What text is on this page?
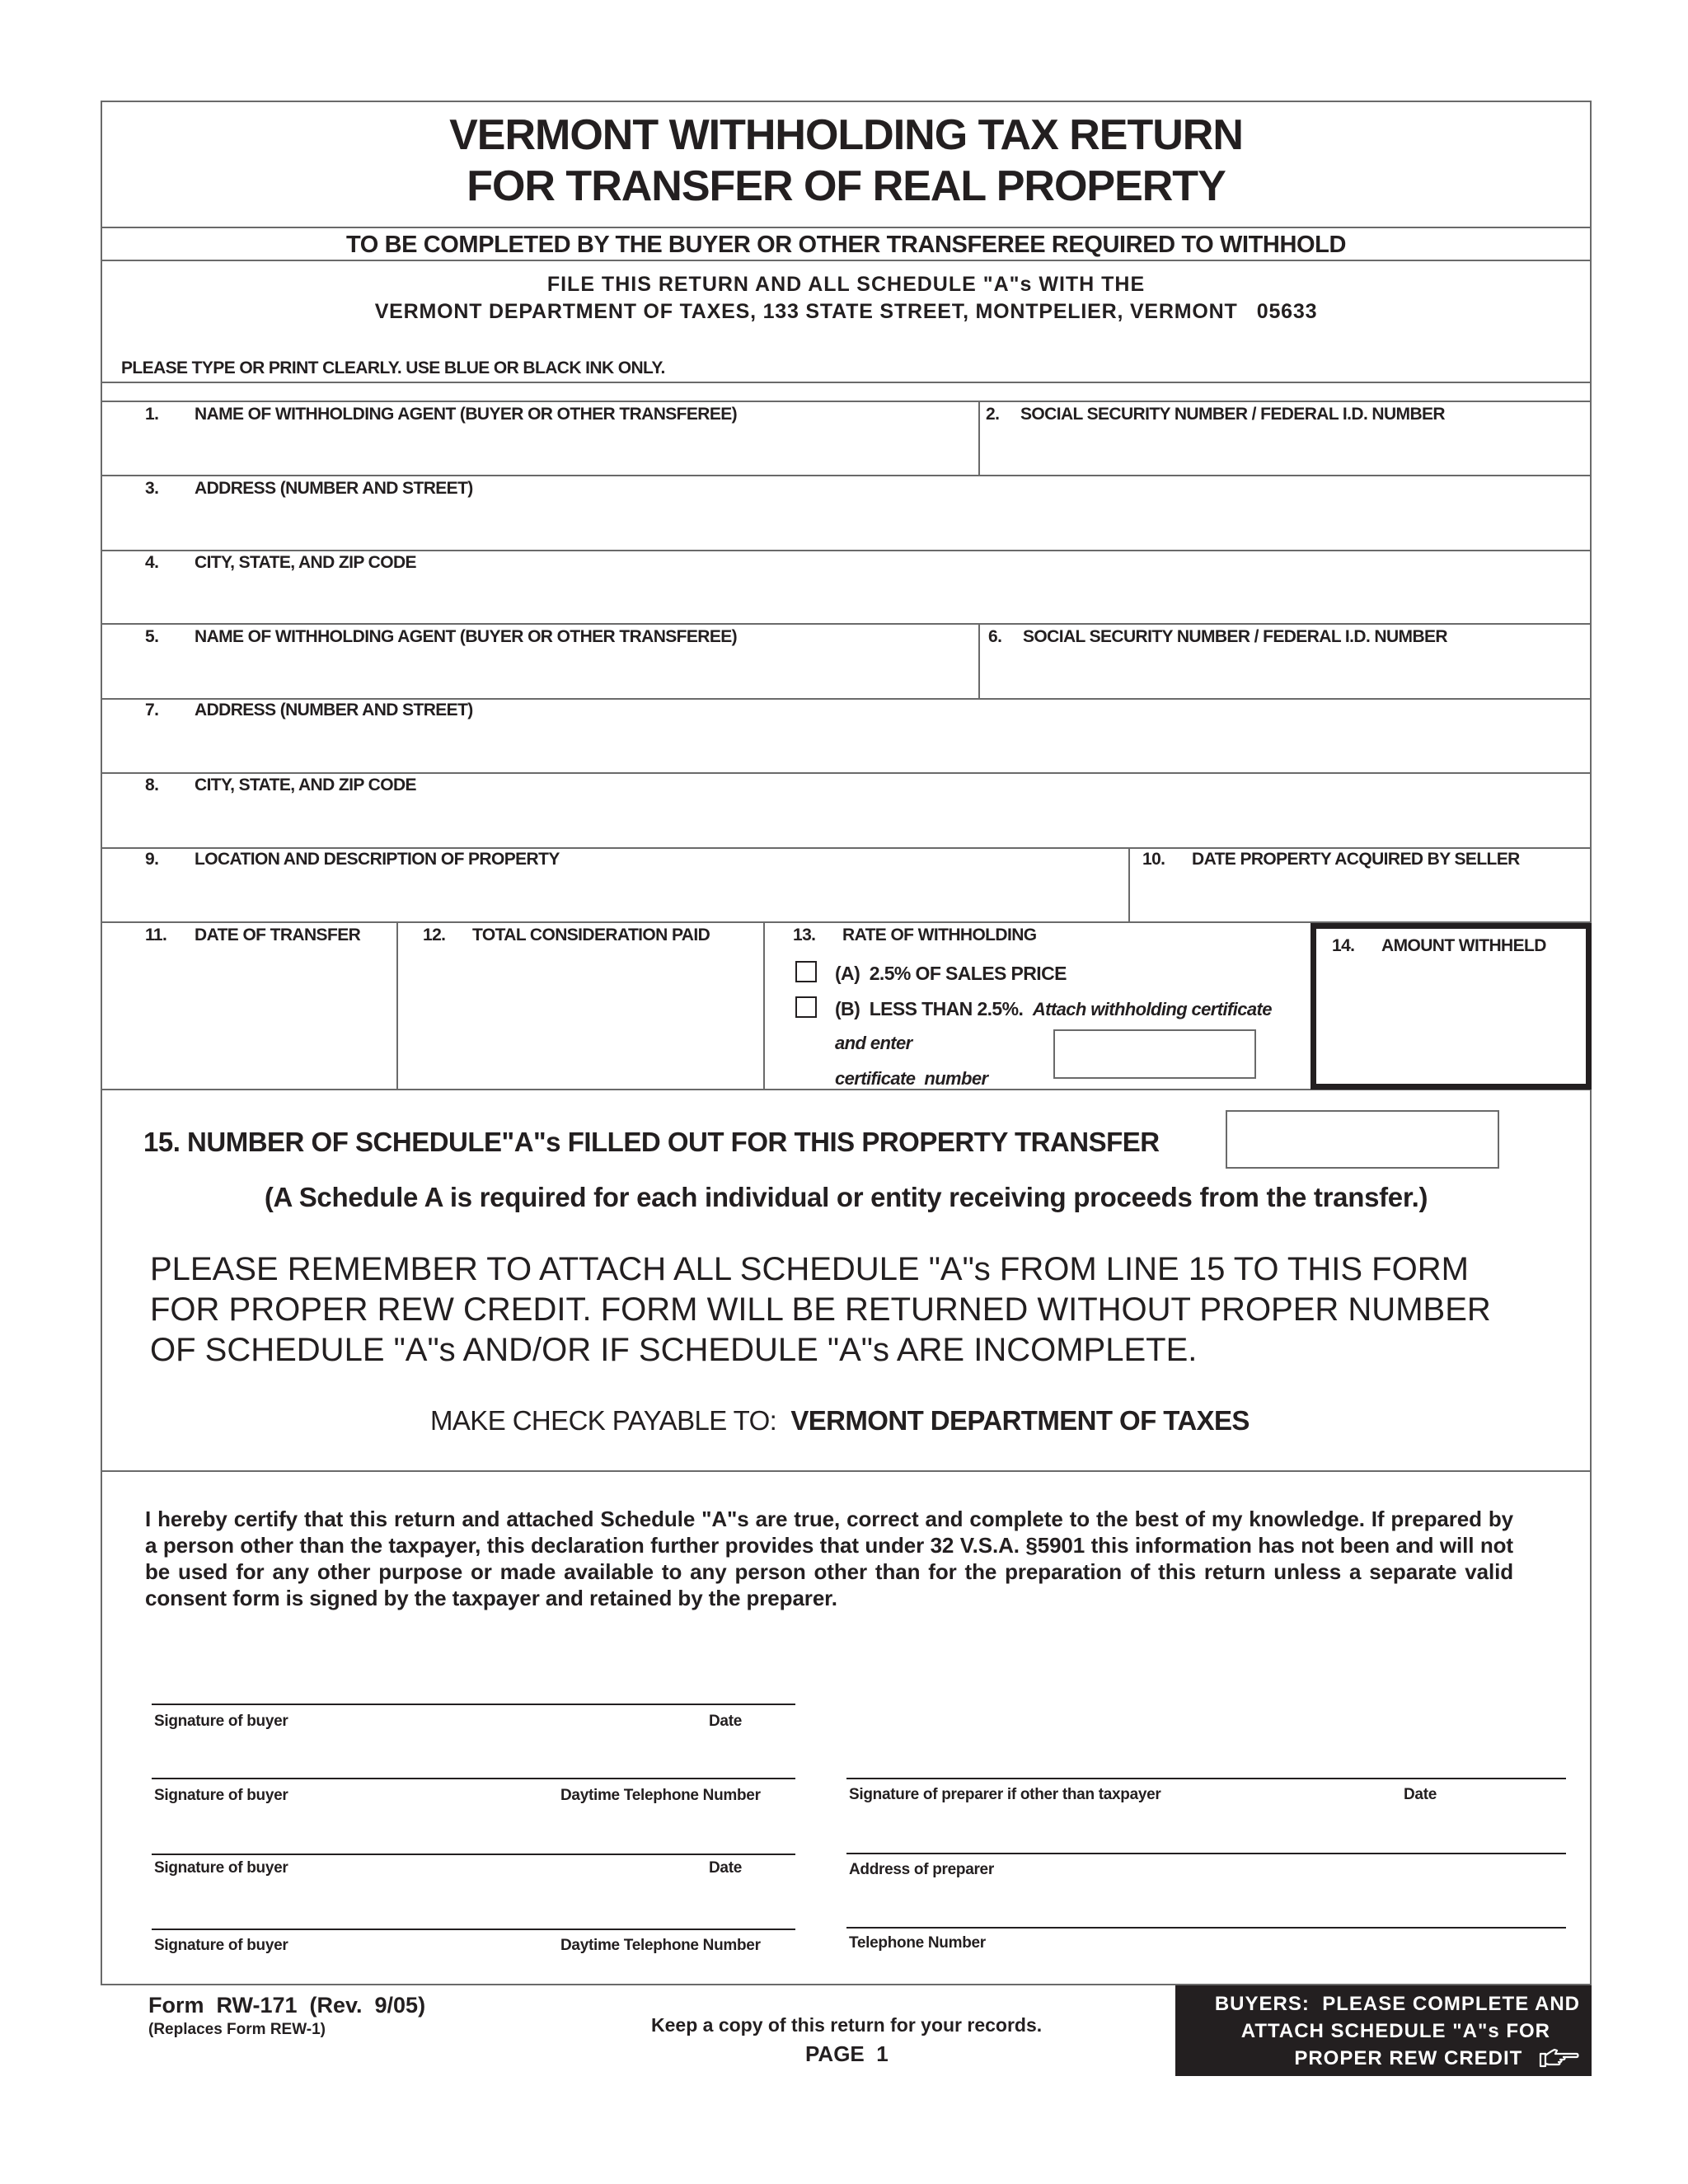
VERMONT WITHHOLDING TAX RETURN
FOR TRANSFER OF REAL PROPERTY
TO BE COMPLETED BY THE BUYER OR OTHER TRANSFEREE REQUIRED TO WITHHOLD
FILE THIS RETURN AND ALL SCHEDULE "A"s WITH THE
VERMONT DEPARTMENT OF TAXES, 133 STATE STREET, MONTPELIER, VERMONT   05633
PLEASE TYPE OR PRINT CLEARLY. USE BLUE OR BLACK INK ONLY.
1. NAME OF WITHHOLDING AGENT (BUYER OR OTHER TRANSFEREE)	2. SOCIAL SECURITY NUMBER / FEDERAL I.D. NUMBER
3. ADDRESS (NUMBER AND STREET)
4. CITY, STATE, AND ZIP CODE
5. NAME OF WITHHOLDING AGENT (BUYER OR OTHER TRANSFEREE)	6. SOCIAL SECURITY NUMBER / FEDERAL I.D. NUMBER
7. ADDRESS (NUMBER AND STREET)
8. CITY, STATE, AND ZIP CODE
9. LOCATION AND DESCRIPTION OF PROPERTY	10. DATE PROPERTY ACQUIRED BY SELLER
11. DATE OF TRANSFER	12. TOTAL CONSIDERATION PAID	13. RATE OF WITHHOLDING
(A)  2.5% OF SALES PRICE
(B)  LESS THAN 2.5%. Attach withholding certificate
and enter
certificate  number
14. AMOUNT WITHHELD
15. NUMBER OF SCHEDULE"A"s FILLED OUT FOR THIS PROPERTY TRANSFER
(A Schedule A is required for each individual or entity receiving proceeds from the transfer.)
PLEASE REMEMBER TO ATTACH ALL SCHEDULE "A"s FROM LINE 15 TO THIS FORM
FOR PROPER REW CREDIT. FORM WILL BE RETURNED WITHOUT PROPER NUMBER
OF SCHEDULE "A"s AND/OR IF SCHEDULE "A"s ARE INCOMPLETE.
MAKE CHECK PAYABLE TO: VERMONT DEPARTMENT OF TAXES
I hereby certify that this return and attached Schedule "A"s are true, correct and complete to the best of my knowledge. If prepared by a person other than the taxpayer, this declaration further provides that under 32 V.S.A. §5901 this information has not been and will not be used for any other purpose or made available to any person other than for the preparation of this return unless a separate valid consent form is signed by the taxpayer and retained by the preparer.
Signature of buyer	Date
Signature of buyer	Daytime Telephone Number
Signature of buyer	Date
Signature of buyer	Daytime Telephone Number
Signature of preparer if other than taxpayer	Date
Address of preparer
Telephone Number
Form  RW-171  (Rev.  9/05)
(Replaces Form REW-1)	Keep a copy of this return for your records.
PAGE  1
BUYERS:  PLEASE COMPLETE AND
ATTACH SCHEDULE "A"s FOR
PROPER REW CREDIT
